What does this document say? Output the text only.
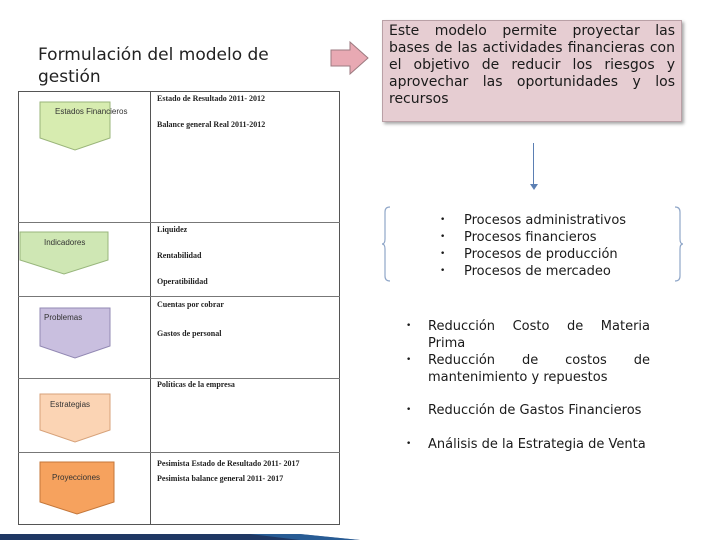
Formulación del modelo de gestión
Este modelo permite proyectar las bases de las actividades financieras con el objetivo de reducir los riesgos y aprovechar las oportunidades y los recursos
Estados Financieros
Indicadores
Problemas
Estrategias
Proyecciones
Estado de Resultado 2011- 2012
Balance general Real 2011-2012
Liquidez
Rentabilidad
Operatibilidad
Cuentas por cobrar
Gastos de personal
Políticas de la empresa
Pesimista Estado de Resultado 2011- 2017
Pesimista balance general 2011- 2017
• Procesos administrativos
• Procesos financieros
• Procesos de producción
• Procesos de mercadeo
• Reducción Costo de Materia Prima
• Reducción de costos de mantenimiento y repuestos
• Reducción de Gastos Financieros
• Análisis de la Estrategia de Venta
